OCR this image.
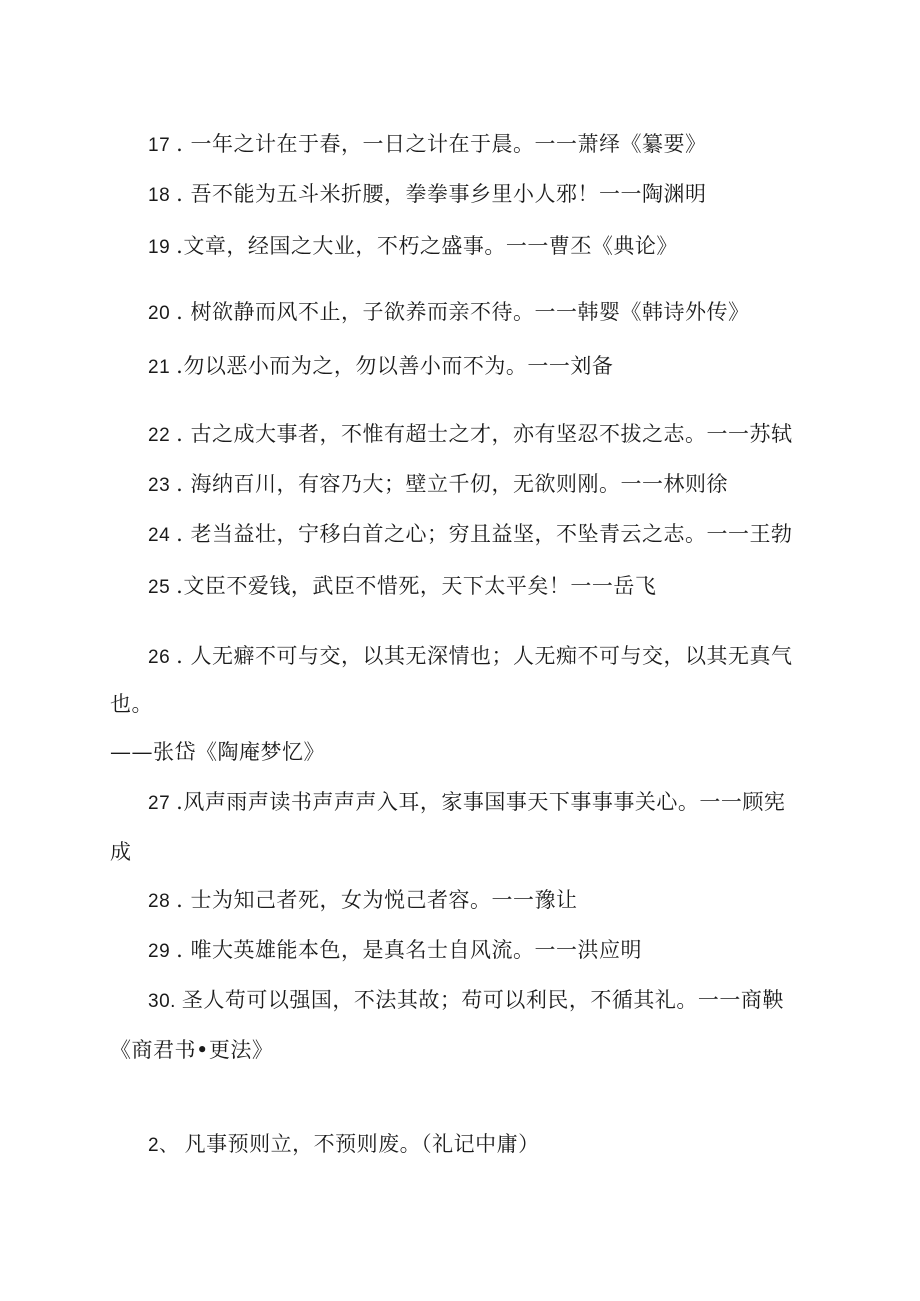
17 . 一年之计在于春，一日之计在于晨。一一萧绎《纂要》
18 . 吾不能为五斗米折腰，拳拳事乡里小人邪！一一陶渊明
19 .文章，经国之大业，不朽之盛事。一一曹丕《典论》
20 . 树欲静而风不止，子欲养而亲不待。一一韩婴《韩诗外传》
21 .勿以恶小而为之，勿以善小而不为。一一刘备
22 . 古之成大事者，不惟有超士之才，亦有坚忍不拔之志。一一苏轼
23 . 海纳百川，有容乃大；壁立千仞，无欲则刚。一一林则徐
24 . 老当益壮，宁移白首之心；穷且益坚，不坠青云之志。一一王勃
25 .文臣不爱钱，武臣不惜死，天下太平矣！一一岳飞
26 . 人无癖不可与交，以其无深情也；人无痴不可与交，以其无真气
也。
——张岱《陶庵梦忆》
27 .风声雨声读书声声声入耳，家事国事天下事事事关心。一一顾宪
成
28 . 士为知己者死，女为悦己者容。一一豫让
29 . 唯大英雄能本色，是真名士自风流。一一洪应明
30. 圣人苟可以强国，不法其故；苟可以利民，不循其礼。一一商鞅
《商君书•更法》
2、 凡事预则立，不预则废。（礼记中庸）
